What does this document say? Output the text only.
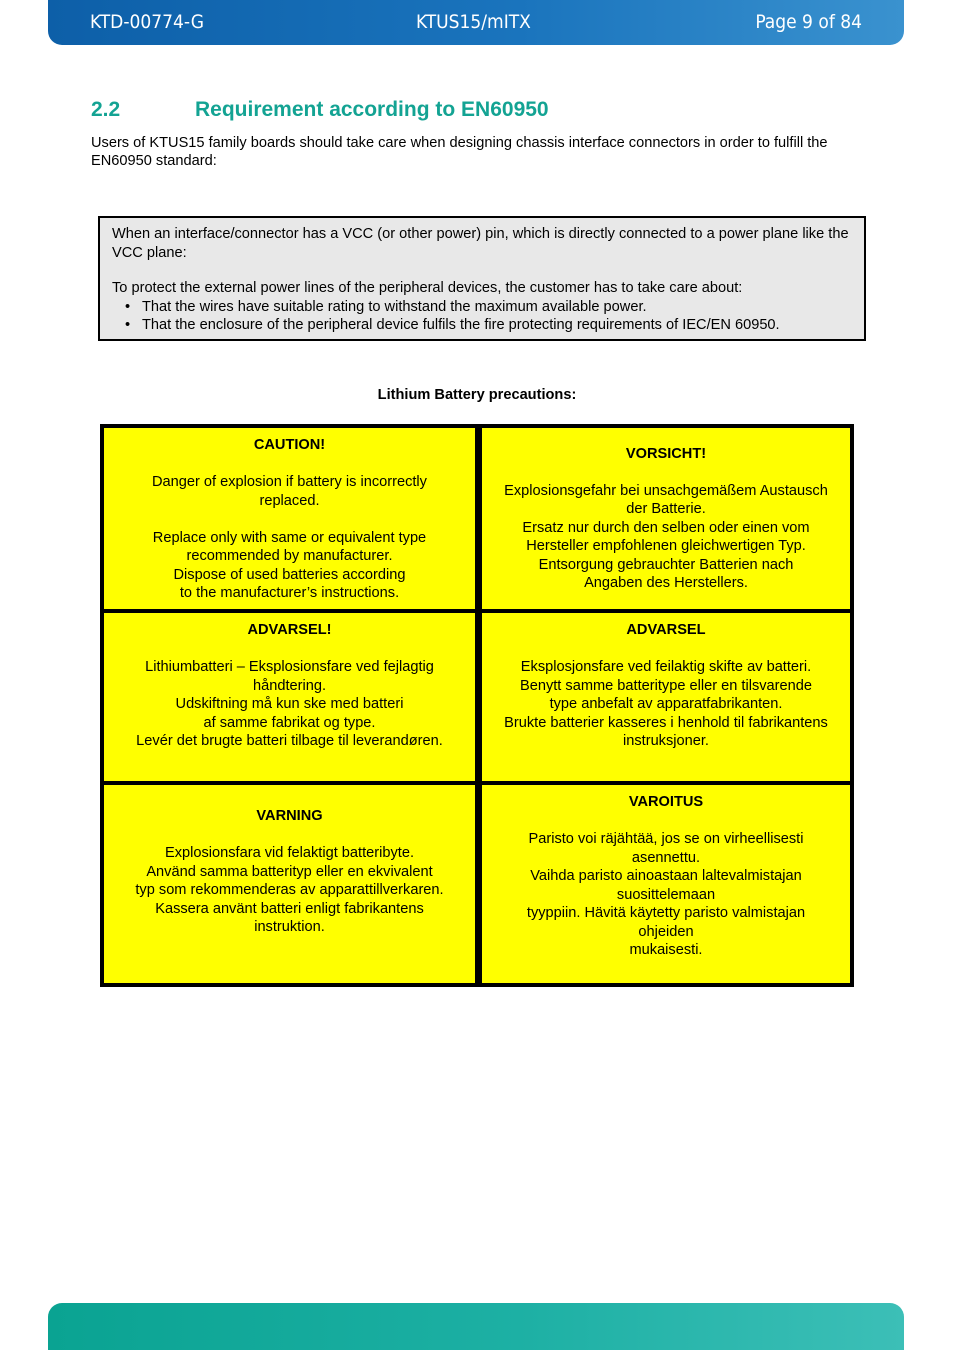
KTD-00774-G	KTUS15/mITX	Page 9 of 84
2.2	Requirement according to EN60950
Users of KTUS15 family boards should take care when designing chassis interface connectors in order to fulfill the EN60950 standard:

When an interface/connector has a VCC (or other power) pin, which is directly connected to a power plane like the VCC plane:

To protect the external power lines of the peripheral devices, the customer has to take care about:

• That the wires have suitable rating to withstand the maximum available power.
• That the enclosure of the peripheral device fulfils the fire protecting requirements of IEC/EN 60950.
Lithium Battery precautions:
CAUTION!
Danger of explosion if battery is incorrectly
replaced.
Replace only with same or equivalent type
recommended by manufacturer.
Dispose of used batteries according
to the manufacturer’s instructions.
VORSICHT!
Explosionsgefahr bei unsachgemäßem Austausch
der Batterie.
Ersatz nur durch den selben oder einen vom
Hersteller empfohlenen gleichwertigen Typ.
Entsorgung gebrauchter Batterien nach
Angaben des Herstellers.
ADVARSEL!
Lithiumbatteri – Eksplosionsfare ved fejlagtig
håndtering.
Udskiftning må kun ske med batteri
af samme fabrikat og type.
Levér det brugte batteri tilbage til leverandøren.
ADVARSEL
Eksplosjonsfare ved feilaktig skifte av batteri.
Benytt samme batteritype eller en tilsvarende
type anbefalt av apparatfabrikanten.
Brukte batterier kasseres i henhold til fabrikantens
instruksjoner.
VARNING
Explosionsfara vid felaktigt batteribyte.
Använd samma batterityp eller en ekvivalent
typ som rekommenderas av apparattillverkaren.
Kassera använt batteri enligt fabrikantens
instruktion.
VAROITUS
Paristo voi räjähtää, jos se on virheellisesti
asennettu.
Vaihda paristo ainoastaan laltevalmistajan
suosittelemaan
tyyppiin. Hävitä käytetty paristo valmistajan
ohjeiden
mukaisesti.
